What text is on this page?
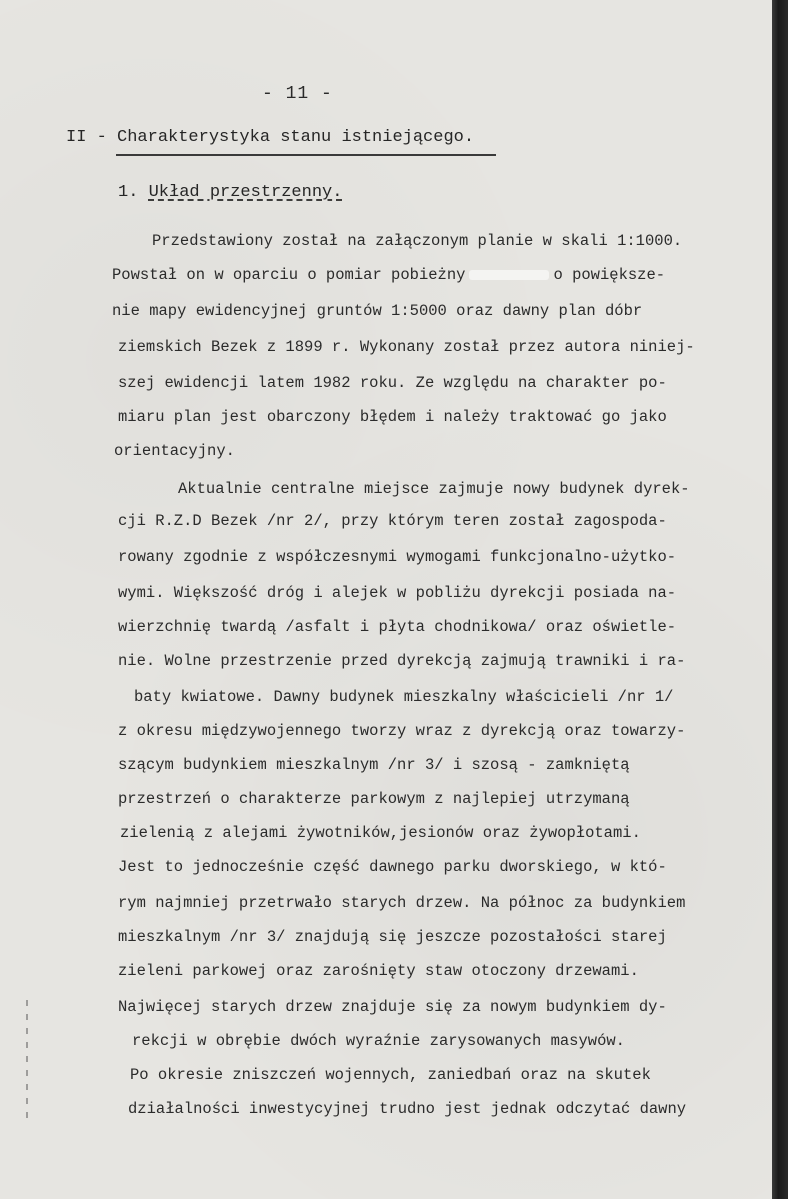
- 11 -
II - Charakterystyka stanu istniejącego.
1. Układ przestrzenny.
Przedstawiony został na załączonym planie w skali 1:1000.
Powstał on w oparciu o pomiar pobieżny	o powiększe-
nie mapy ewidencyjnej gruntów 1:5000 oraz dawny plan dóbr
ziemskich Bezek z 1899 r. Wykonany został przez autora niniej-
szej ewidencji latem 1982 roku. Ze względu na charakter po-
miaru plan jest obarczony błędem i należy traktować go jako
orientacyjny.
Aktualnie centralne miejsce zajmuje nowy budynek dyrek-
cji R.Z.D Bezek /nr 2/, przy którym teren został zagospoda-
rowany zgodnie z współczesnymi wymogami funkcjonalno-użytko-
wymi. Większość dróg i alejek w pobliżu dyrekcji posiada na-
wierzchnię twardą /asfalt i płyta chodnikowa/ oraz oświetle-
nie. Wolne przestrzenie przed dyrekcją zajmują trawniki i ra-
baty kwiatowe. Dawny budynek mieszkalny właścicieli /nr 1/
z okresu międzywojennego tworzy wraz z dyrekcją oraz towarzy-
szącym budynkiem mieszkalnym /nr 3/ i szosą - zamkniętą
przestrzeń o charakterze parkowym z najlepiej utrzymaną
zielenią z alejami żywotników,jesionów oraz żywopłotami.
Jest to jednocześnie część dawnego parku dworskiego, w któ-
rym najmniej przetrwało starych drzew. Na północ za budynkiem
mieszkalnym /nr 3/ znajdują się jeszcze pozostałości starej
zieleni parkowej oraz zarośnięty staw otoczony drzewami.
Najwięcej starych drzew znajduje się za nowym budynkiem dy-
rekcji w obrębie dwóch wyraźnie zarysowanych masywów.
Po okresie zniszczeń wojennych, zaniedbań oraz na skutek
działalności inwestycyjnej trudno jest jednak odczytać dawny
